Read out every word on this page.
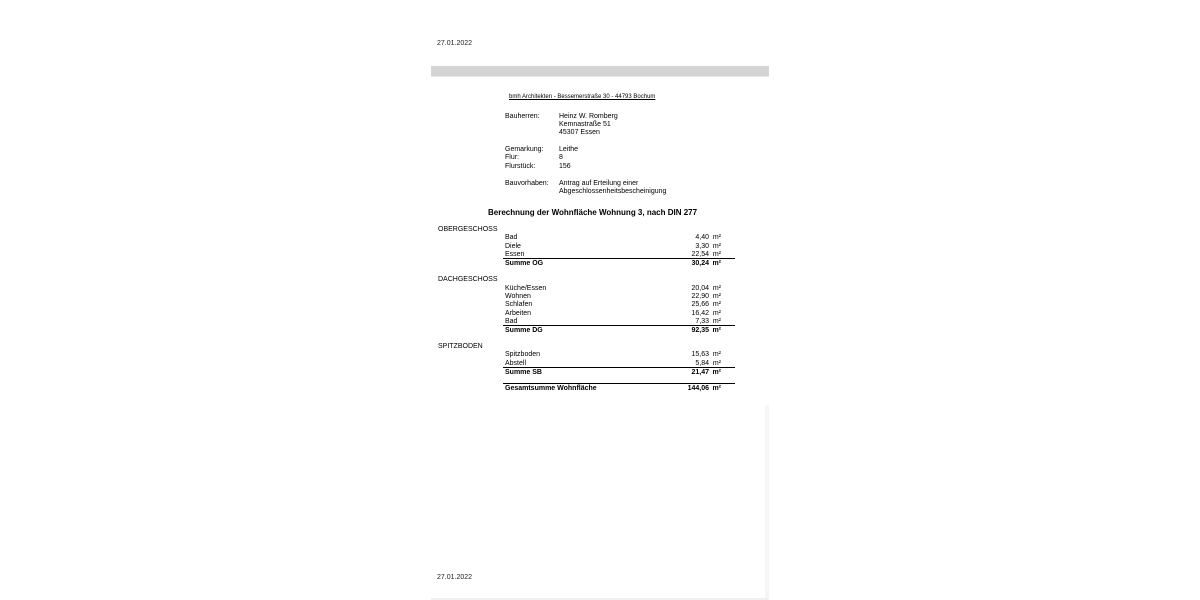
27.01.2022
27.01.2022
bmh Architekten - Bessemerstraße 30 - 44793 Bochum
Bauherren:	Heinz W. Romberg
Kemnastraße 51
45307 Essen
Gemarkung: Leithe
Flur:	8
Flurstück:	156
Bauvorhaben: Antrag auf Erteilung einer
Abgeschlossenheitsbescheinigung
Berechnung der Wohnfläche Wohnung 3, nach DIN 277
OBERGESCHOSS
Bad	4,40 m²
Diele	3,30 m²
Essen	22,54 m²
Summe OG	30,24 m²
DACHGESCHOSS
Küche/Essen	20,04 m²
Wohnen	22,90 m²
Schlafen	25,66 m²
Arbeiten	16,42 m²
Bad	7,33 m²
Summe DG	92,35 m²
SPITZBODEN
Spitzboden	15,63 m²
Abstell	5,84 m²
Summe SB	21,47 m²
Gesamtsumme Wohnfläche	144,06 m²
